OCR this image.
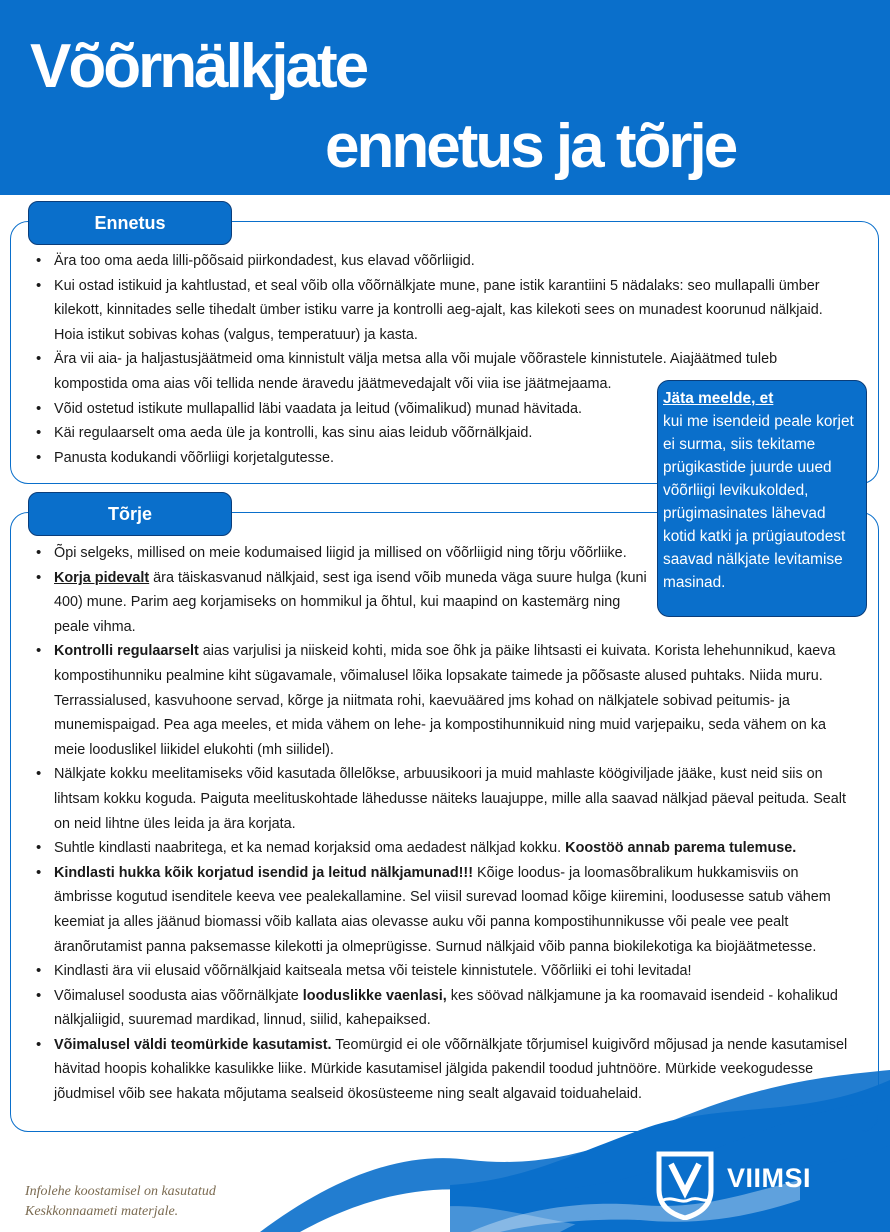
Võõrnälkjate
ennetus ja tõrje
Ennetus
• Ära too oma aeda lilli-põõsaid piirkondadest, kus elavad võõrliigid.
• Kui ostad istikuid ja kahtlustad, et seal võib olla võõrnälkjate mune, pane istik karantiini 5 nädalaks: seo mullapalli ümber kilekott, kinnitades selle tihedalt ümber istiku varre ja kontrolli aeg-ajalt, kas kilekoti sees on munadest koorunud nälkjaid. Hoia istikut sobivas kohas (valgus, temperatuur) ja kasta.
• Ära vii aia- ja haljastusjäätmeid oma kinnistult välja metsa alla või mujale võõrastele kinnistutele. Aiajäätmed tuleb kompostida oma aias või tellida nende äravedu jäätmevedajalt või viia ise jäätmejaama.
• Võid ostetud istikute mullapallid läbi vaadata ja leitud (võimalikud) munad hävitada.
• Käi regulaarselt oma aeda üle ja kontrolli, kas sinu aias leidub võõrnälkjaid.
• Panusta kodukandi võõrliigi korjetalgutesse.
Tõrje
• Õpi selgeks, millised on meie kodumaised liigid ja millised on võõrliigid ning tõrju võõrliike.
• Korja pidevalt ära täiskasvanud nälkjaid, sest iga isend võib muneda väga suure hulga (kuni 400) mune. Parim aeg korjamiseks on hommikul ja õhtul, kui maapind on kastemärg ning peale vihma.
• Kontrolli regulaarselt aias varjulisi ja niiskeid kohti, mida soe õhk ja päike lihtsasti ei kuivata. Korista lehehunnikud, kaeva kompostihunniku pealmine kiht sügavamale, võimalusel lõika lopsakate taimede ja põõsaste alused puhtaks. Niida muru. Terrassialused, kasvuhoone servad, kõrge ja niitmata rohi, kaevuääred jms kohad on nälkjatele sobivad peitumis- ja munemispaigad. Pea aga meeles, et mida vähem on lehe- ja kompostihunnikuid ning muid varjepaiku, seda vähem on ka meie looduslikel liikidel elukohti (mh siilidel).
• Nälkjate kokku meelitamiseks võid kasutada õllelõkse, arbuusikoori ja muid mahlaste köögiviljade jääke, kust neid siis on lihtsam kokku koguda. Paiguta meelituskohtade lähedusse näiteks lauajuppe, mille alla saavad nälkjad päeval peituda. Sealt on neid lihtne üles leida ja ära korjata.
• Suhtle kindlasti naabritega, et ka nemad korjaksid oma aedadest nälkjad kokku. Koostöö annab parema tulemuse.
• Kindlasti hukka kõik korjatud isendid ja leitud nälkjamunad!!! Kõige loodus- ja loomasõbralikum hukkamisviis on ämbrisse kogutud isenditele keeva vee pealekallamine. Sel viisil surevad loomad kõige kiiremini, loodusesse satub vähem keemiat ja alles jäänud biomassi võib kallata aias olevasse auku või panna kompostihunnikusse või peale vee pealt äranõrutamist panna paksemasse kilekotti ja olmeprügisse. Surnud nälkjaid võib panna biokilekotiga ka biojäätmetesse.
• Kindlasti ära vii elusaid võõrnälkjaid kaitseala metsa või teistele kinnistutele. Võõrliiki ei tohi levitada!
• Võimalusel soodusta aias võõrnälkjate looduslikke vaenlasi, kes söövad nälkjamune ja ka roomavaid isendeid - kohalikud nälkjaliigid, suuremad mardikad, linnud, siilid, kahepaiksed.
• Võimalusel väldi teomürkide kasutamist. Teomürgid ei ole võõrnälkjate tõrjumisel kuigivõrd mõjusad ja nende kasutamisel hävitad hoopis kohalikke kasulikke liike. Mürkide kasutamisel jälgida pakendil toodud juhtnööre. Mürkide veekogudesse jõudmisel võib see hakata mõjutama sealseid ökosüsteeme ning sealt algavaid toiduahelaid.
Jäta meelde, et
kui me isendeid peale korjet ei surma, siis tekitame prügikastide juurde uued võõrliigi levikukolded, prügimasinates lähevad kotid katki ja prügiautodest saavad nälkjate levitamise masinad.
Infolehe koostamisel on kasutatud
Keskkonnaameti materjale.
VIIMSI
